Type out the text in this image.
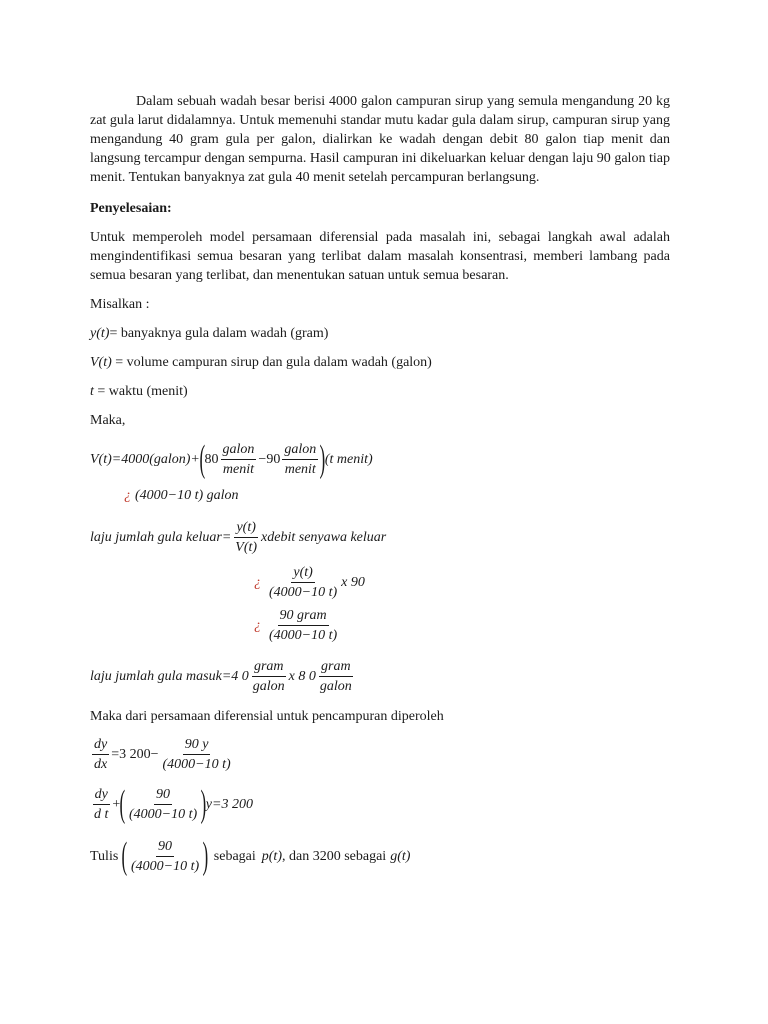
Dalam sebuah wadah besar berisi 4000 galon campuran sirup yang semula mengandung 20 kg zat gula larut didalamnya. Untuk memenuhi standar mutu kadar gula dalam sirup, campuran sirup yang mengandung 40 gram gula per galon, dialirkan ke wadah dengan debit 80 galon tiap menit dan langsung tercampur dengan sempurna. Hasil campuran ini dikeluarkan keluar dengan laju 90 galon tiap menit. Tentukan banyaknya zat gula 40 menit setelah percampuran berlangsung.

Penyelesaian:

Untuk memperoleh model persamaan diferensial pada masalah ini, sebagai langkah awal adalah mengindentifikasi semua besaran yang terlibat dalam masalah konsentrasi, memberi lambang pada semua besaran yang terlibat, dan menentukan satuan untuk semua besaran.

Misalkan :

y(t)= banyaknya gula dalam wadah (gram)

V(t) = volume campuran sirup dan gula dalam wadah (galon)

t = waktu (menit)

Maka,

V(t)=4000(galon)+ ( $80 \frac{\text{galon}}{\text{menit}} -90 \frac{\text{galon}}{\text{menit}}$ ) (t menit)
¿ (4000−10 t) galon
laju jumlah gula keluar= $\frac{y(t)}{V(t)}$ xdebit senyawa keluar
¿ $\frac{y(t)}{(4000-10 t)}$ x 90
¿ $\frac{\text{90 gram}}{(4000-10 t)}$
laju jumlah gula masuk=4 $0 \frac{\text{gram}}{\text{galon}}$ x 8 $0 \frac{\text{gram}}{\text{galon}}$

Maka dari persamaan diferensial untuk pencampuran diperoleh

$\frac{dy}{dx} =3$ $200- \frac{90 y}{(4000-10 t)}$
$\frac{dy}{\text{d t}}$ + ( $\frac{90}{(4000-10 t)}$ ) y=3 200
Tulis ( $\frac{90}{(4000-10 t)}$ ) sebagai p(t) , dan 3200 sebagai g(t)
